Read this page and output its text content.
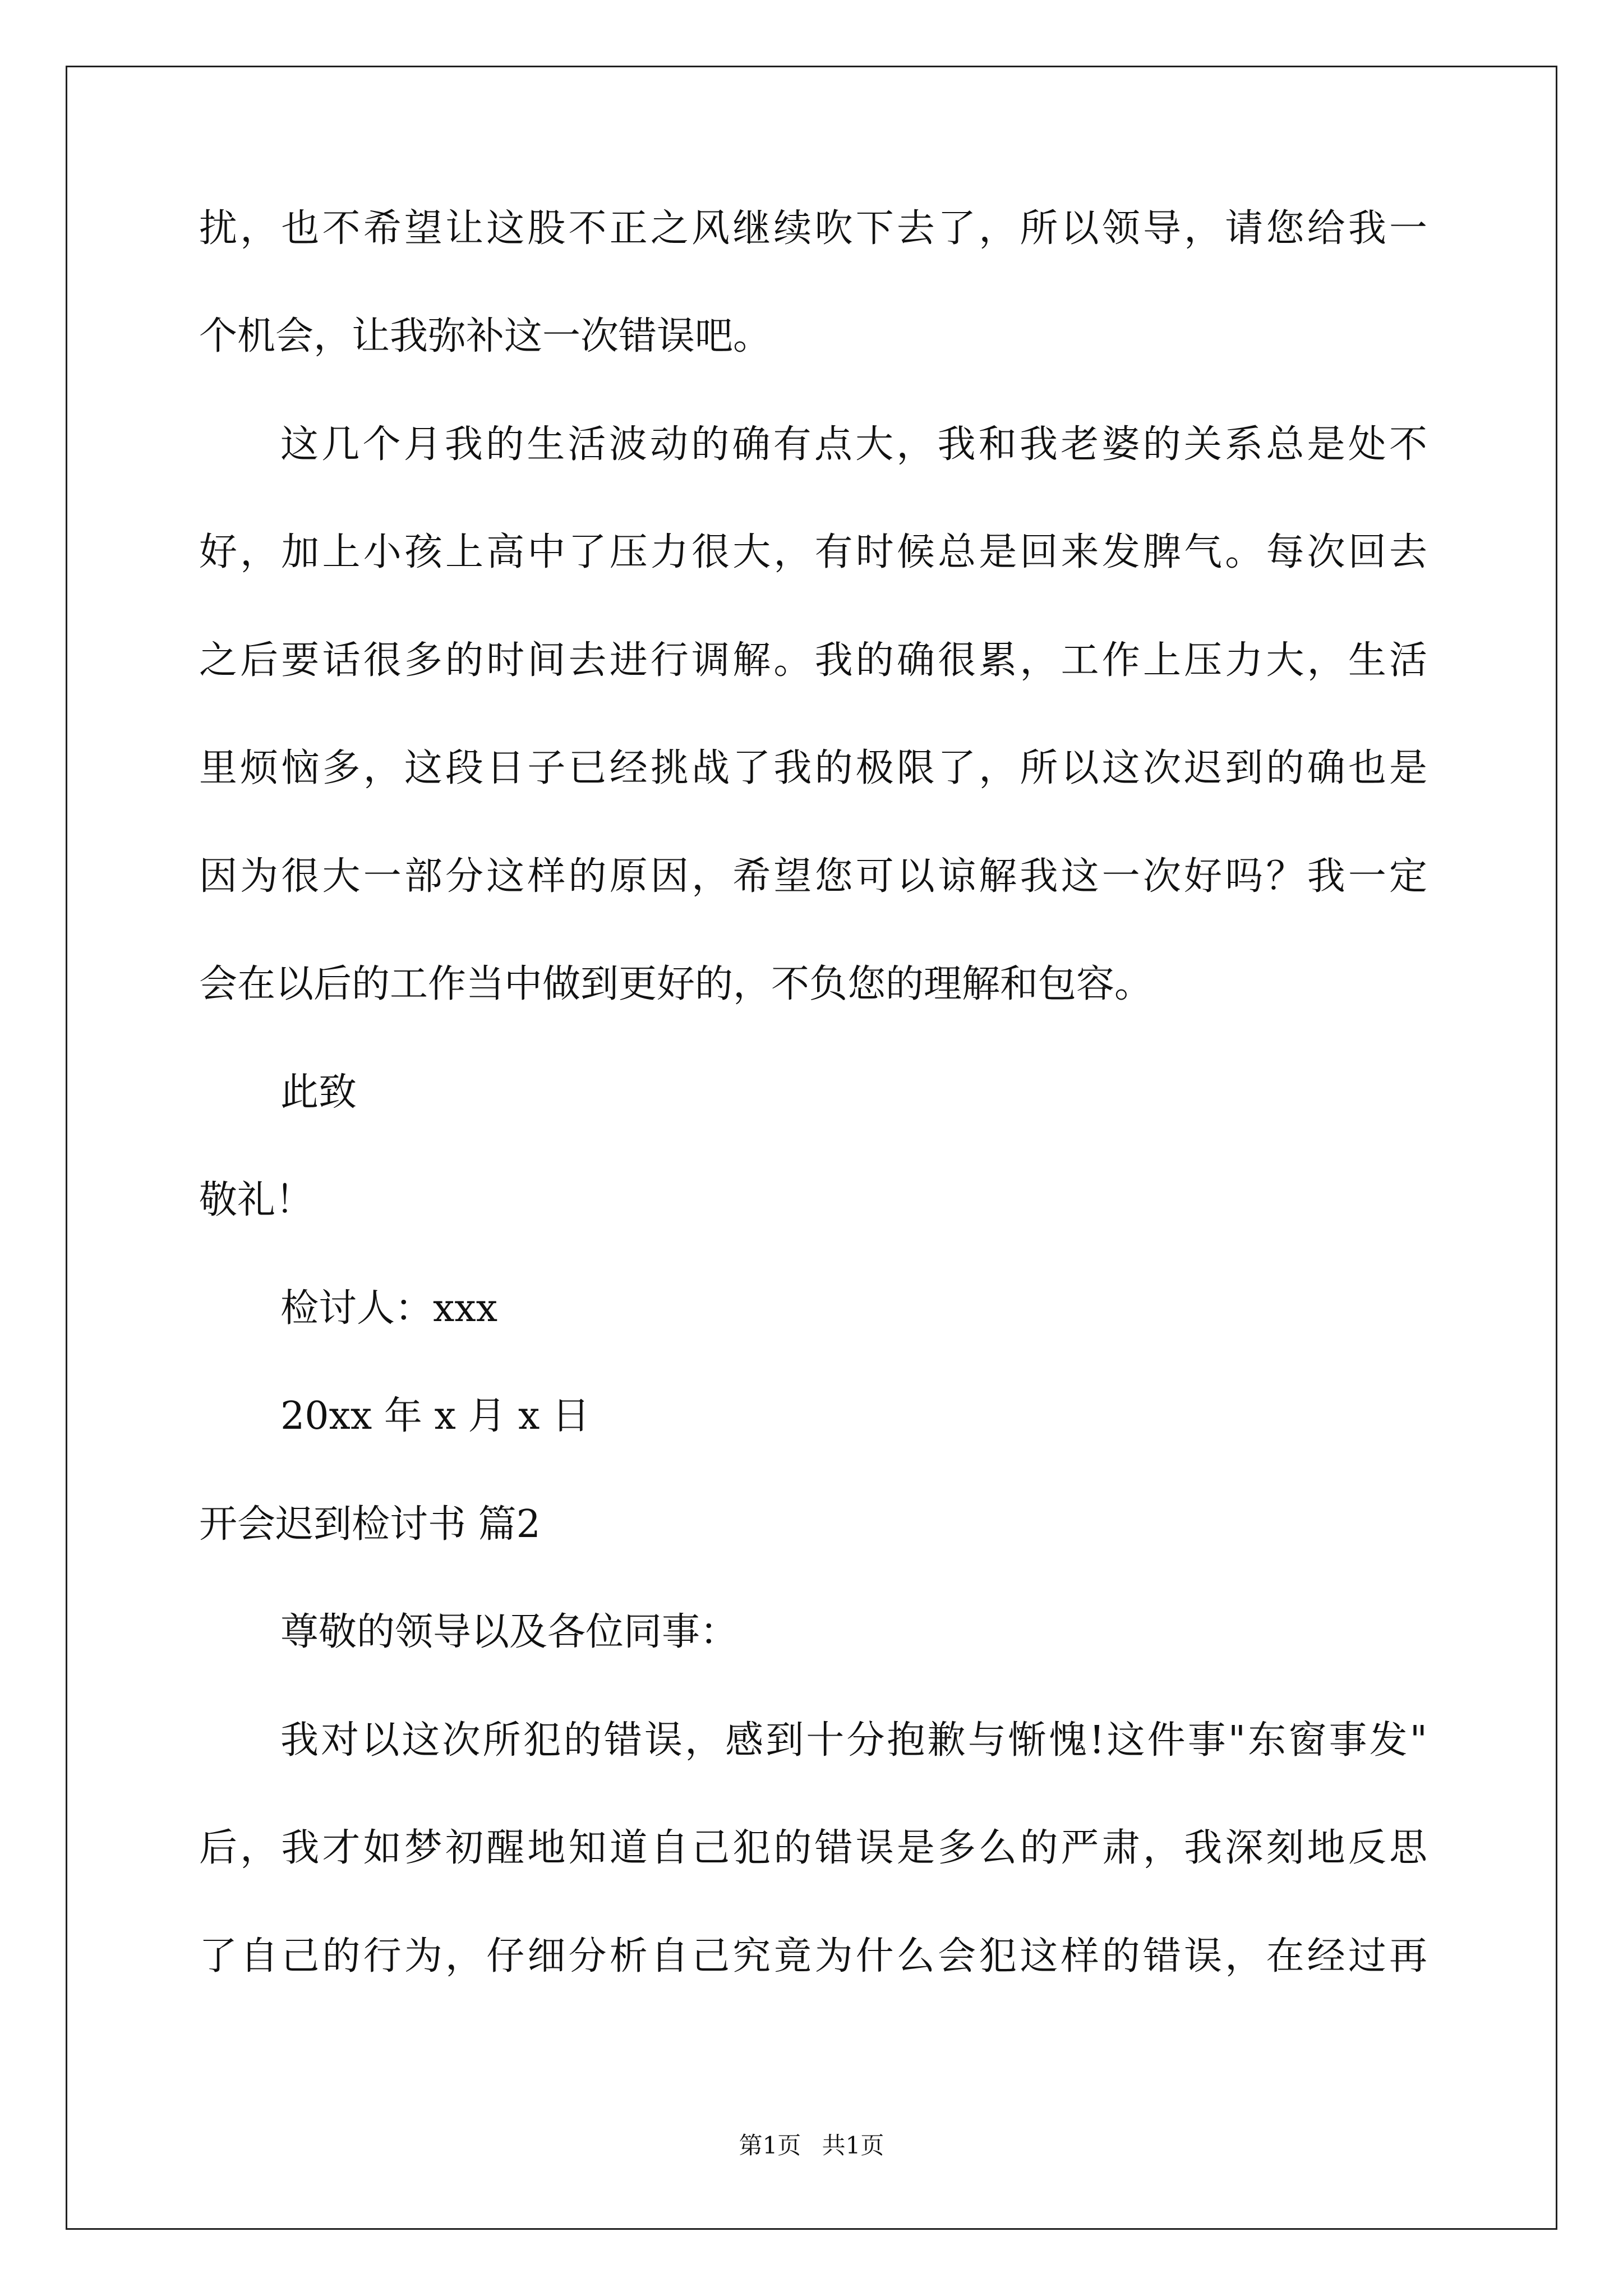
扰，也不希望让这股不正之风继续吹下去了，所以领导，请您给我一
个机会，让我弥补这一次错误吧。
这几个月我的生活波动的确有点大，我和我老婆的关系总是处不
好，加上小孩上高中了压力很大，有时候总是回来发脾气。每次回去
之后要话很多的时间去进行调解。我的确很累，工作上压力大，生活
里烦恼多，这段日子已经挑战了我的极限了，所以这次迟到的确也是
因为很大一部分这样的原因，希望您可以谅解我这一次好吗？我一定
会在以后的工作当中做到更好的，不负您的理解和包容。
此致
敬礼！
检讨人：xxx
20xx 年 x 月 x 日
开会迟到检讨书 篇2
尊敬的领导以及各位同事：
我对以这次所犯的错误，感到十分抱歉与惭愧!这件事"东窗事发"
后，我才如梦初醒地知道自己犯的错误是多么的严肃，我深刻地反思
了自己的行为，仔细分析自己究竟为什么会犯这样的错误，在经过再
第1页 共1页
